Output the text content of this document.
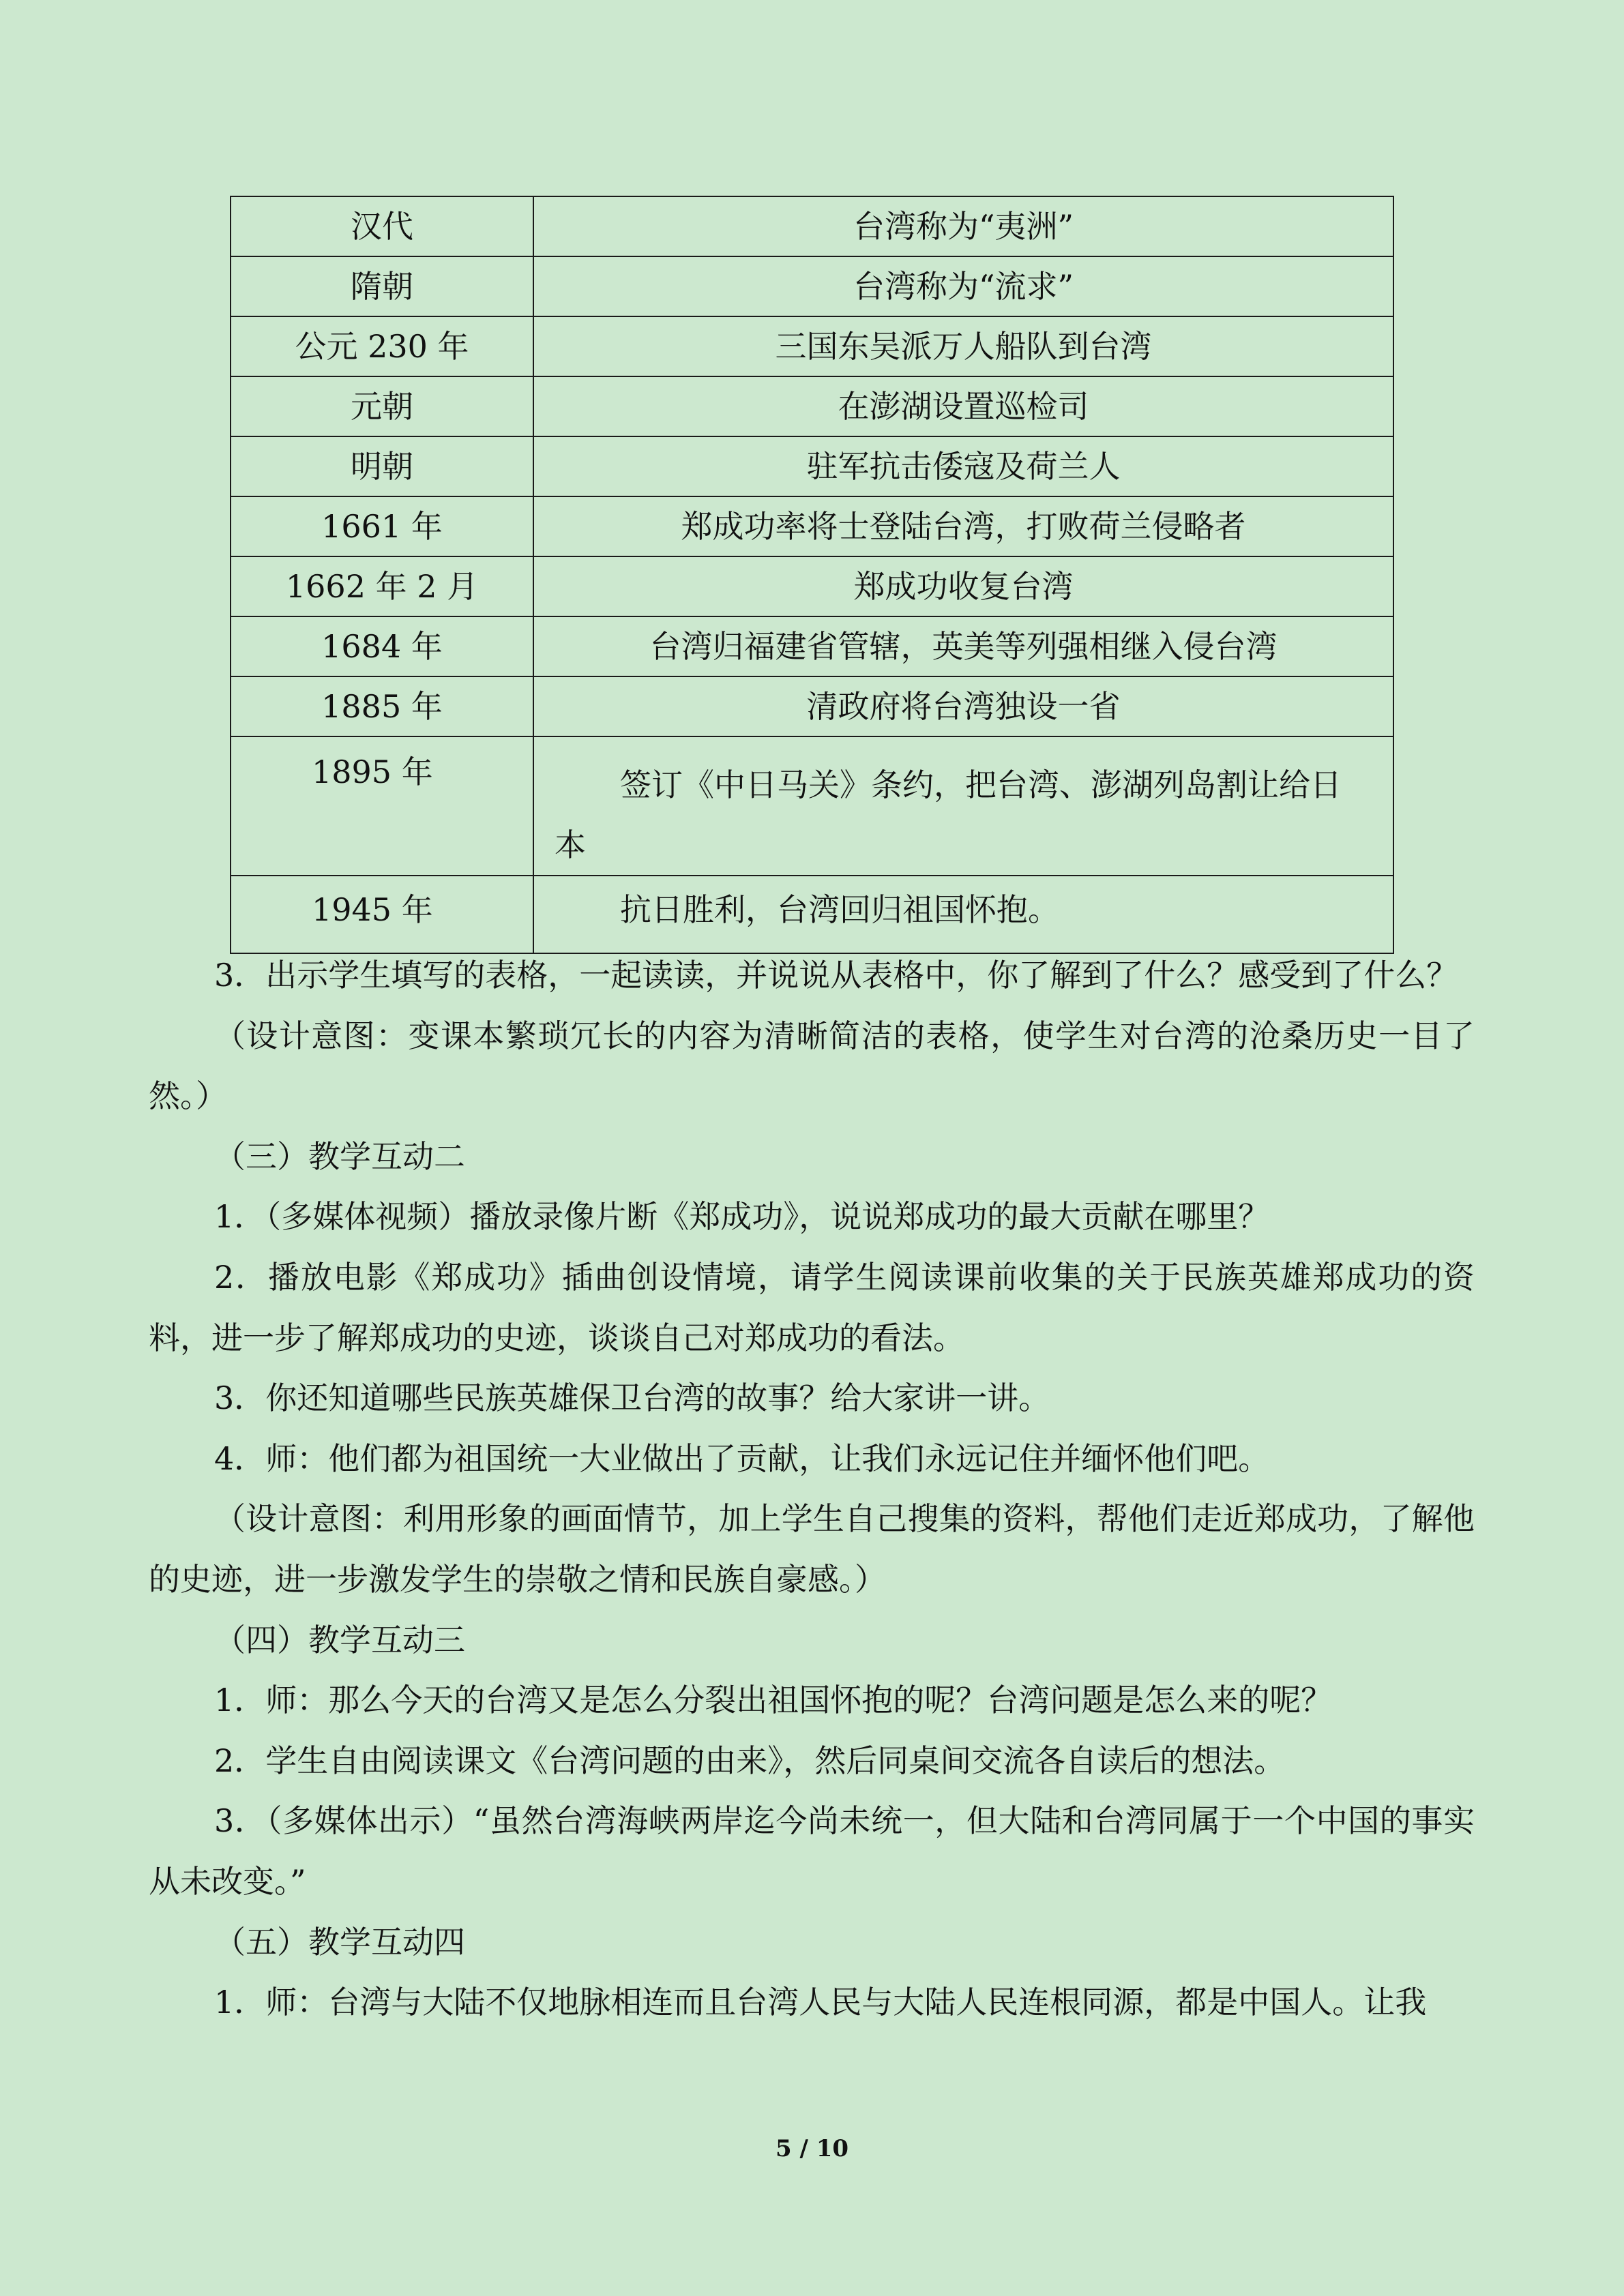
汉代	台湾称为“夷洲”
隋朝	台湾称为“流求”
公元 230 年	三国东吴派万人船队到台湾
元朝	在澎湖设置巡检司
明朝	驻军抗击倭寇及荷兰人
1661 年	郑成功率将士登陆台湾，打败荷兰侵略者
1662 年 2 月	郑成功收复台湾
1684 年	台湾归福建省管辖，英美等列强相继入侵台湾
1885 年	清政府将台湾独设一省
1895 年	签订《中日马关》条约，把台湾、澎湖列岛割让给日本
1945 年	抗日胜利，台湾回归祖国怀抱。

3．出示学生填写的表格，一起读读，并说说从表格中，你了解到了什么？感受到了什么？

（设计意图：变课本繁琐冗长的内容为清晰简洁的表格，使学生对台湾的沧桑历史一目了然。）

（三）教学互动二

1．（多媒体视频）播放录像片断《郑成功》，说说郑成功的最大贡献在哪里？

2．播放电影《郑成功》插曲创设情境，请学生阅读课前收集的关于民族英雄郑成功的资料，进一步了解郑成功的史迹，谈谈自己对郑成功的看法。

3．你还知道哪些民族英雄保卫台湾的故事？给大家讲一讲。

4．师：他们都为祖国统一大业做出了贡献，让我们永远记住并缅怀他们吧。

（设计意图：利用形象的画面情节，加上学生自己搜集的资料，帮他们走近郑成功，了解他的史迹，进一步激发学生的崇敬之情和民族自豪感。）

（四）教学互动三

1．师：那么今天的台湾又是怎么分裂出祖国怀抱的呢？台湾问题是怎么来的呢？

2．学生自由阅读课文《台湾问题的由来》，然后同桌间交流各自读后的想法。

3．（多媒体出示）“虽然台湾海峡两岸迄今尚未统一，但大陆和台湾同属于一个中国的事实从未改变。”

（五）教学互动四

1．师：台湾与大陆不仅地脉相连而且台湾人民与大陆人民连根同源，都是中国人。让我

5 / 10
